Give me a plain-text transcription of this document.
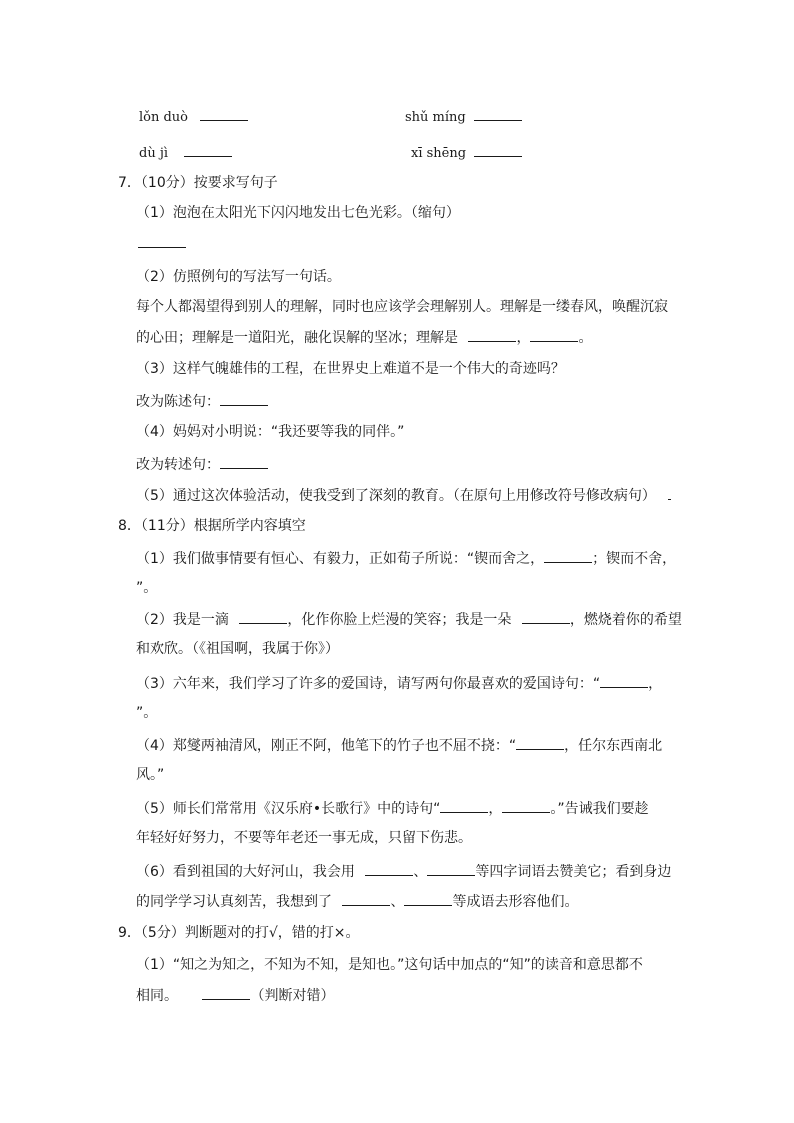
lǒn duò	shǔ míng
dù jì	xī shēng
7．（10分）按要求写句子
（1）泡泡在太阳光下闪闪地发出七色光彩。（缩句）
（2）仿照例句的写法写一句话。
每个人都渴望得到别人的理解，同时也应该学会理解别人。理解是一缕春风，唤醒沉寂
的心田；理解是一道阳光，融化误解的坚冰；理解是	，	。
（3）这样气魄雄伟的工程，在世界史上难道不是一个伟大的奇迹吗？
改为陈述句：
（4）妈妈对小明说：“我还要等我的同伴。”
改为转述句：
（5）通过这次体验活动，使我受到了深刻的教育。（在原句上用修改符号修改病句）
8．（11分）根据所学内容填空
（1）我们做事情要有恒心、有毅力，正如荀子所说：“锲而舍之，	；锲而不舍，
”。
（2）我是一滴	，化作你脸上烂漫的笑容；我是一朵	，燃烧着你的希望
和欢欣。（《祖国啊，我属于你》）
（3）六年来，我们学习了许多的爱国诗，请写两句你最喜欢的爱国诗句：“	，
”。
（4）郑燮两袖清风，刚正不阿，他笔下的竹子也不屈不挠：“	，任尔东西南北
风。”
（5）师长们常常用《汉乐府•长歌行》中的诗句“	，	。”告诫我们要趁
年轻好好努力，不要等年老还一事无成，只留下伤悲。
（6）看到祖国的大好河山，我会用	、	等四字词语去赞美它；看到身边
的同学学习认真刻苦，我想到了	、	等成语去形容他们。
9．（5分）判断题对的打√，错的打×。
（1）“知之为知之，不知为不知，是知也。”这句话中加点的“知”的读音和意思都不
相同。	（判断对错）
